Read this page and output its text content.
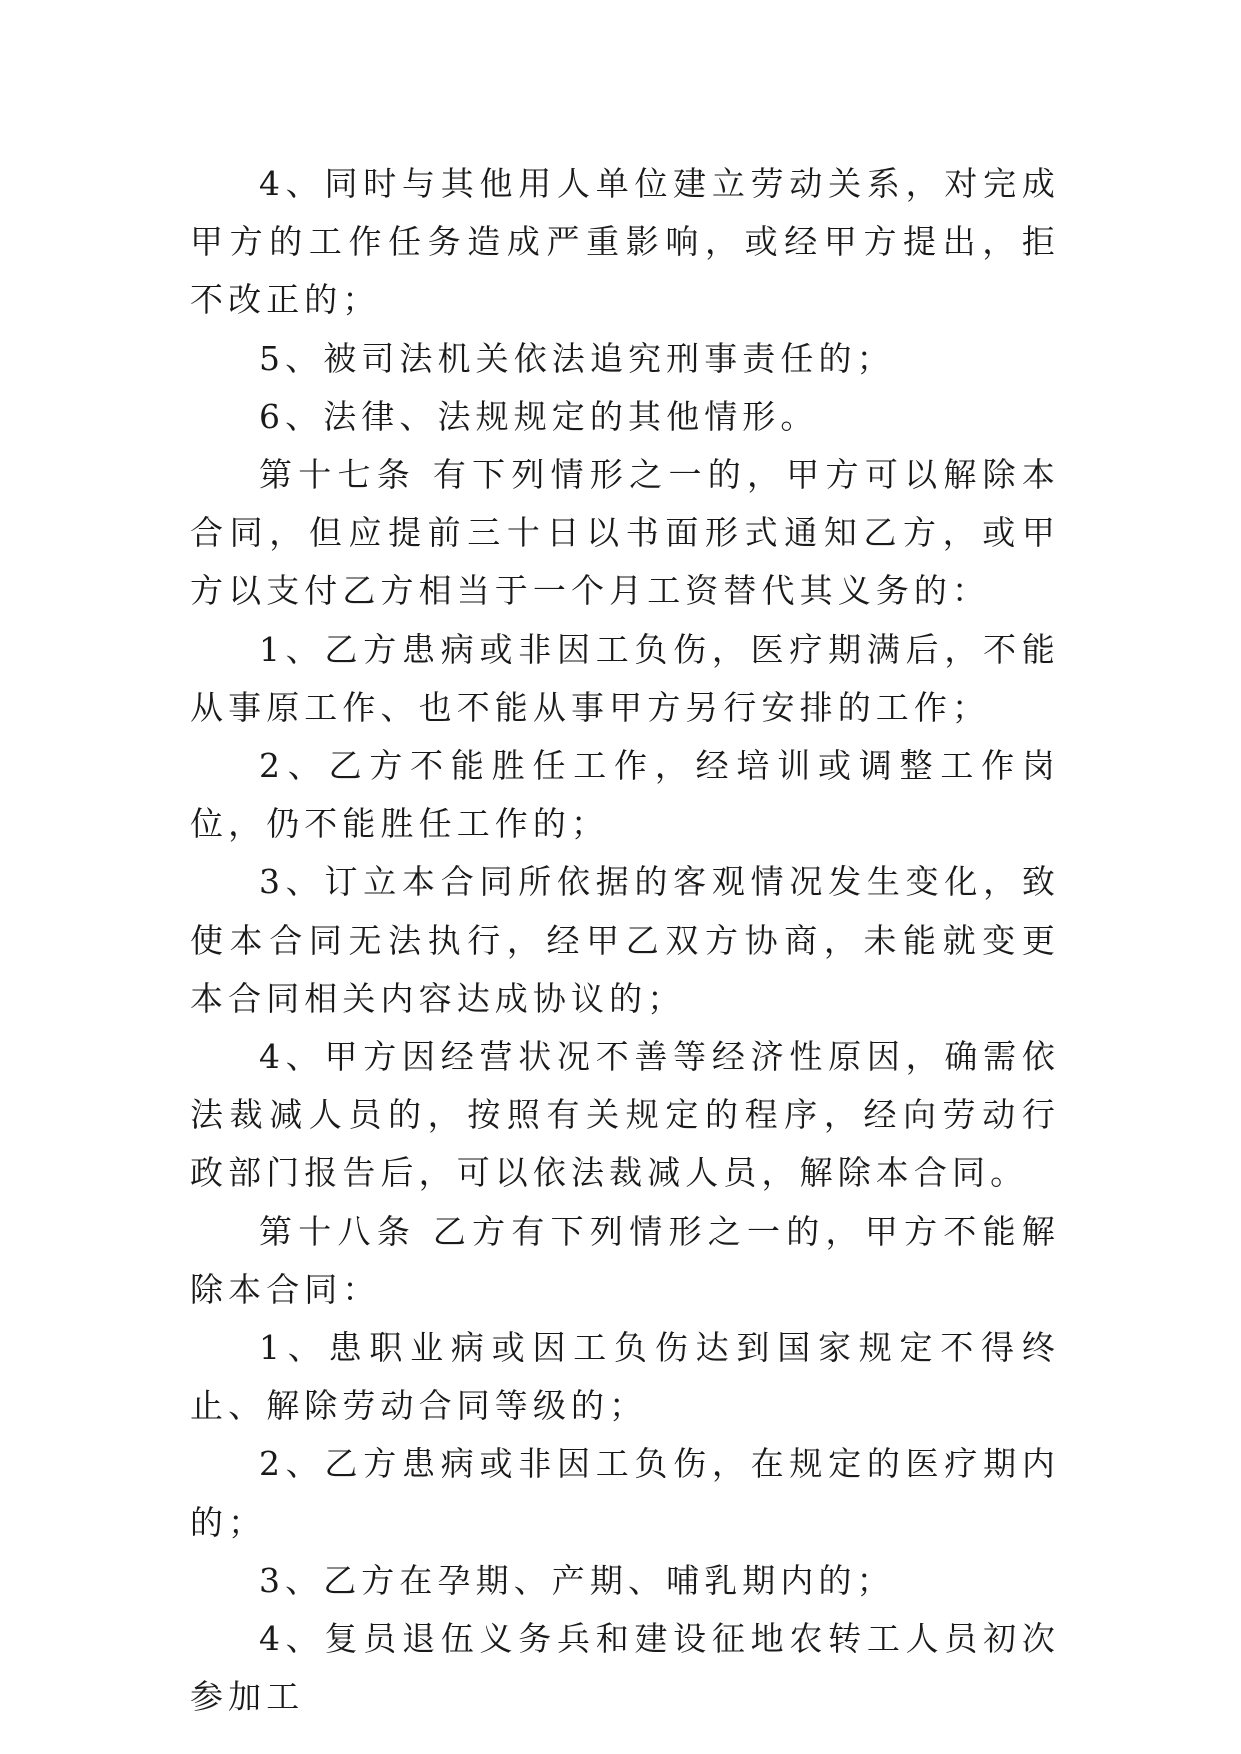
4、同时与其他用人单位建立劳动关系，对完成甲方的工作任务造成严重影响，或经甲方提出，拒不改正的；

5、被司法机关依法追究刑事责任的；

6、法律、法规规定的其他情形。

第十七条 有下列情形之一的，甲方可以解除本合同，但应提前三十日以书面形式通知乙方，或甲方以支付乙方相当于一个月工资替代其义务的：

1、乙方患病或非因工负伤，医疗期满后，不能从事原工作、也不能从事甲方另行安排的工作；

2、乙方不能胜任工作，经培训或调整工作岗位，仍不能胜任工作的；

3、订立本合同所依据的客观情况发生变化，致使本合同无法执行，经甲乙双方协商，未能就变更本合同相关内容达成协议的；

4、甲方因经营状况不善等经济性原因，确需依法裁减人员的，按照有关规定的程序，经向劳动行政部门报告后，可以依法裁减人员，解除本合同。

第十八条 乙方有下列情形之一的，甲方不能解除本合同：

1、患职业病或因工负伤达到国家规定不得终止、解除劳动合同等级的；

2、乙方患病或非因工负伤，在规定的医疗期内的；

3、乙方在孕期、产期、哺乳期内的；

4、复员退伍义务兵和建设征地农转工人员初次参加工
